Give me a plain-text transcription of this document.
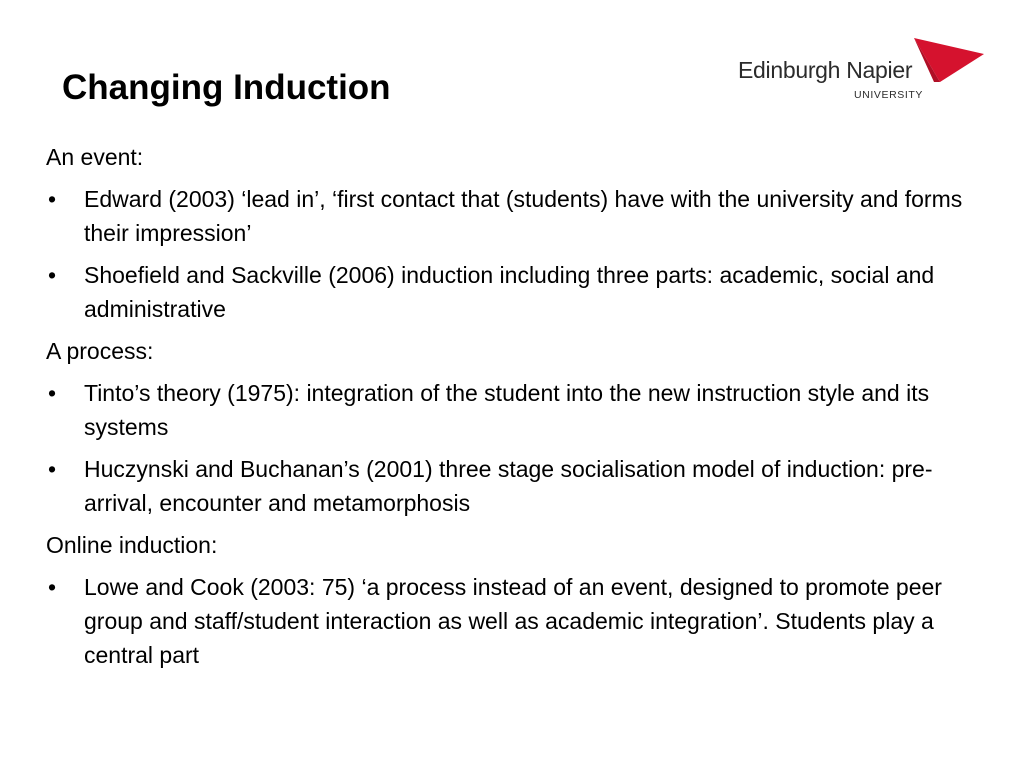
Changing Induction	Edinburgh Napier
UNIVERSITY
An event:
• Edward (2003) ‘lead in’, ‘first contact that (students) have with the university and forms their impression’
• Shoefield and Sackville (2006) induction including three parts: academic, social and administrative
A process:
• Tinto’s theory (1975): integration of the student into the new instruction style and its systems
• Huczynski and Buchanan’s (2001) three stage socialisation model of induction: pre-arrival, encounter and metamorphosis
Online induction:
• Lowe and Cook (2003: 75) ‘a process instead of an event, designed to promote peer group and staff/student interaction as well as academic integration’. Students play a central part
